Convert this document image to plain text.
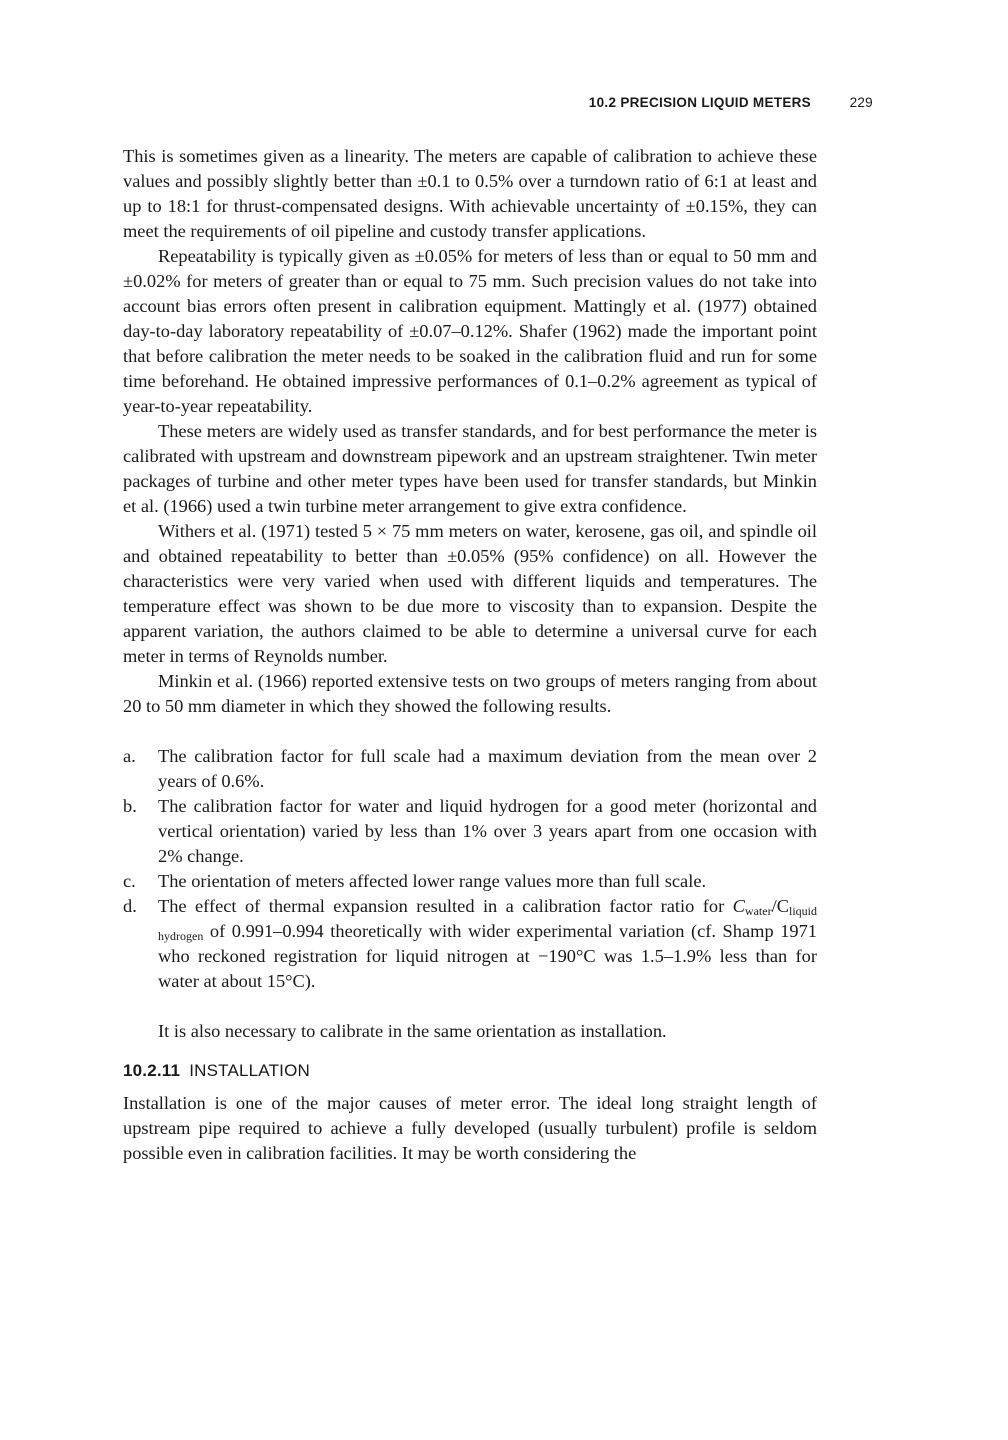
10.2 PRECISION LIQUID METERS	229

This is sometimes given as a linearity. The meters are capable of calibration to achieve these values and possibly slightly better than ±0.1 to 0.5% over a turndown ratio of 6:1 at least and up to 18:1 for thrust-compensated designs. With achievable uncertainty of ±0.15%, they can meet the requirements of oil pipeline and custody transfer applications.

Repeatability is typically given as ±0.05% for meters of less than or equal to 50 mm and ±0.02% for meters of greater than or equal to 75 mm. Such precision values do not take into account bias errors often present in calibration equipment. Mattingly et al. (1977) obtained day-to-day laboratory repeatability of ±0.07–0.12%. Shafer (1962) made the important point that before calibration the meter needs to be soaked in the calibration fluid and run for some time beforehand. He obtained impressive performances of 0.1–0.2% agreement as typical of year-to-year repeatability.

These meters are widely used as transfer standards, and for best performance the meter is calibrated with upstream and downstream pipework and an upstream straightener. Twin meter packages of turbine and other meter types have been used for transfer standards, but Minkin et al. (1966) used a twin turbine meter arrangement to give extra confidence.

Withers et al. (1971) tested 5 × 75 mm meters on water, kerosene, gas oil, and spindle oil and obtained repeatability to better than ±0.05% (95% confidence) on all. However the characteristics were very varied when used with different liquids and temperatures. The temperature effect was shown to be due more to viscosity than to expansion. Despite the apparent variation, the authors claimed to be able to determine a universal curve for each meter in terms of Reynolds number.

Minkin et al. (1966) reported extensive tests on two groups of meters ranging from about 20 to 50 mm diameter in which they showed the following results.

a. The calibration factor for full scale had a maximum deviation from the mean over 2 years of 0.6%.
b. The calibration factor for water and liquid hydrogen for a good meter (horizontal and vertical orientation) varied by less than 1% over 3 years apart from one occasion with 2% change.
c. The orientation of meters affected lower range values more than full scale.
d. The effect of thermal expansion resulted in a calibration factor ratio for $C_{water}/C_{liquid hydrogen}$ of 0.991–0.994 theoretically with wider experimental variation (cf. Shamp 1971 who reckoned registration for liquid nitrogen at −190°C was 1.5–1.9% less than for water at about 15°C).

It is also necessary to calibrate in the same orientation as installation.

10.2.11 INSTALLATION

Installation is one of the major causes of meter error. The ideal long straight length of upstream pipe required to achieve a fully developed (usually turbulent) profile is seldom possible even in calibration facilities. It may be worth considering the
